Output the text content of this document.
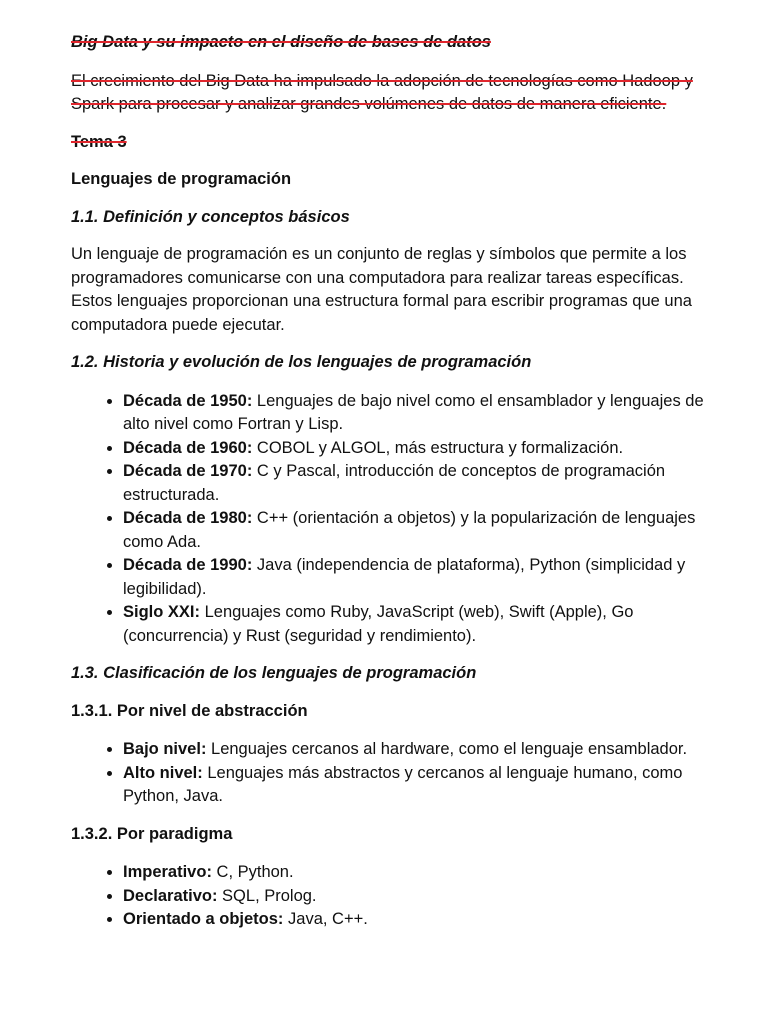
Big Data y su impacto en el diseño de bases de datos

El crecimiento del Big Data ha impulsado la adopción de tecnologías como Hadoop y Spark para procesar y analizar grandes volúmenes de datos de manera eficiente.

Tema 3

Lenguajes de programación

1.1. Definición y conceptos básicos

Un lenguaje de programación es un conjunto de reglas y símbolos que permite a los programadores comunicarse con una computadora para realizar tareas específicas. Estos lenguajes proporcionan una estructura formal para escribir programas que una computadora puede ejecutar.

1.2. Historia y evolución de los lenguajes de programación

• Década de 1950: Lenguajes de bajo nivel como el ensamblador y lenguajes de alto nivel como Fortran y Lisp.
• Década de 1960: COBOL y ALGOL, más estructura y formalización.
• Década de 1970: C y Pascal, introducción de conceptos de programación estructurada.
• Década de 1980: C++ (orientación a objetos) y la popularización de lenguajes como Ada.
• Década de 1990: Java (independencia de plataforma), Python (simplicidad y legibilidad).
• Siglo XXI: Lenguajes como Ruby, JavaScript (web), Swift (Apple), Go (concurrencia) y Rust (seguridad y rendimiento).

1.3. Clasificación de los lenguajes de programación

1.3.1. Por nivel de abstracción

• Bajo nivel: Lenguajes cercanos al hardware, como el lenguaje ensamblador.
• Alto nivel: Lenguajes más abstractos y cercanos al lenguaje humano, como Python, Java.

1.3.2. Por paradigma

• Imperativo: C, Python.
• Declarativo: SQL, Prolog.
• Orientado a objetos: Java, C++.
